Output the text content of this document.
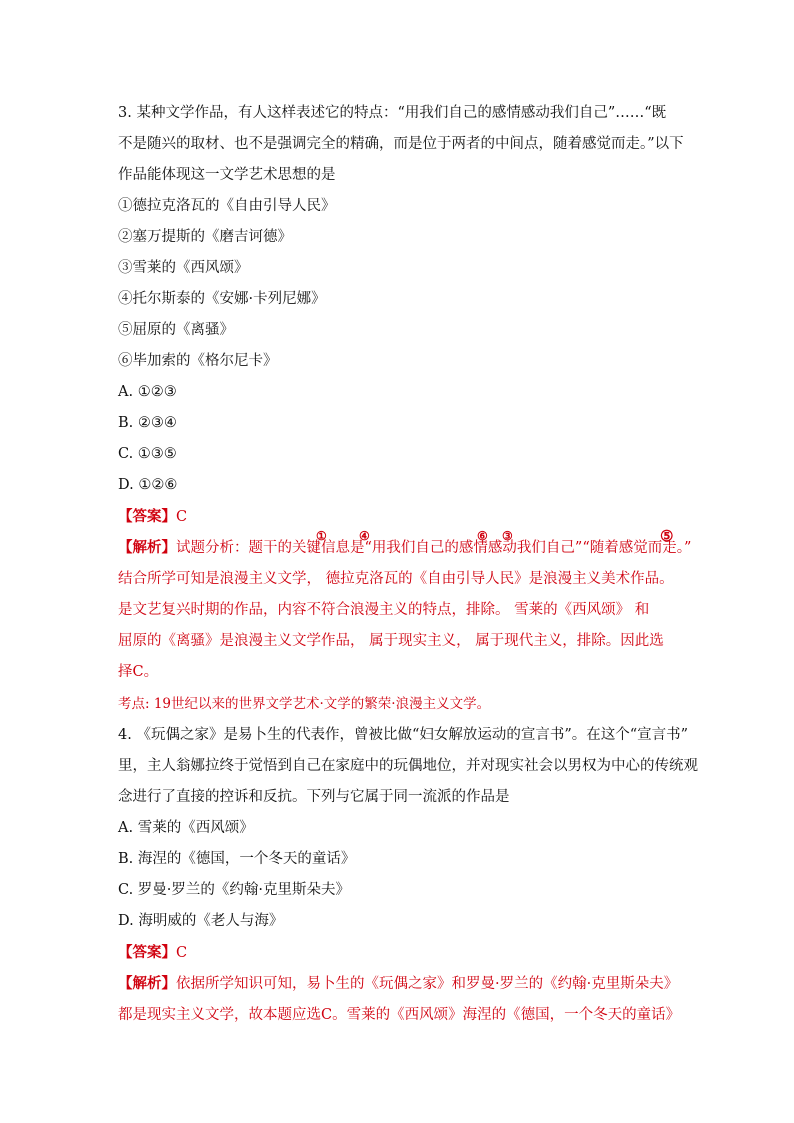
3. 某种文学作品，有人这样表述它的特点：“用我们自己的感情感动我们自己”……“既
不是随兴的取材、也不是强调完全的精确，而是位于两者的中间点，随着感觉而走。”以下
作品能体现这一文学艺术思想的是
①德拉克洛瓦的《自由引导人民》
②塞万提斯的《磨吉诃德》
③雪莱的《西风颂》
④托尔斯泰的《安娜·卡列尼娜》
⑤屈原的《离骚》
⑥毕加索的《格尔尼卡》
A. ①②③
B. ②③④
C. ①③⑤
D. ①②⑥
【答案】C
【解析】试题分析：题干的关键信息是“用我们自己的感情感动我们自己”“随着感觉而走。”
结合所学可知是浪漫主义文学， 德拉克洛瓦的《自由引导人民》是浪漫主义美术作品。
是文艺复兴时期的作品，内容不符合浪漫主义的特点，排除。 雪莱的《西风颂》 和
屈原的《离骚》是浪漫主义文学作品， 属于现实主义， 属于现代主义，排除。因此选
择C。
①	④	⑥ ③	⑤
考点: 19世纪以来的世界文学艺术·文学的繁荣·浪漫主义文学。
4. 《玩偶之家》是易卜生的代表作，曾被比做“妇女解放运动的宣言书”。在这个“宣言书”
里，主人翁娜拉终于觉悟到自己在家庭中的玩偶地位，并对现实社会以男权为中心的传统观
念进行了直接的控诉和反抗。下列与它属于同一流派的作品是
A. 雪莱的《西风颂》
B. 海涅的《德国，一个冬天的童话》
C. 罗曼·罗兰的《约翰·克里斯朵夫》
D. 海明威的《老人与海》
【答案】C
【解析】依据所学知识可知，易卜生的《玩偶之家》和罗曼·罗兰的《约翰·克里斯朵夫》
都是现实主义文学，故本题应选C。雪莱的《西风颂》海涅的《德国，一个冬天的童话》
